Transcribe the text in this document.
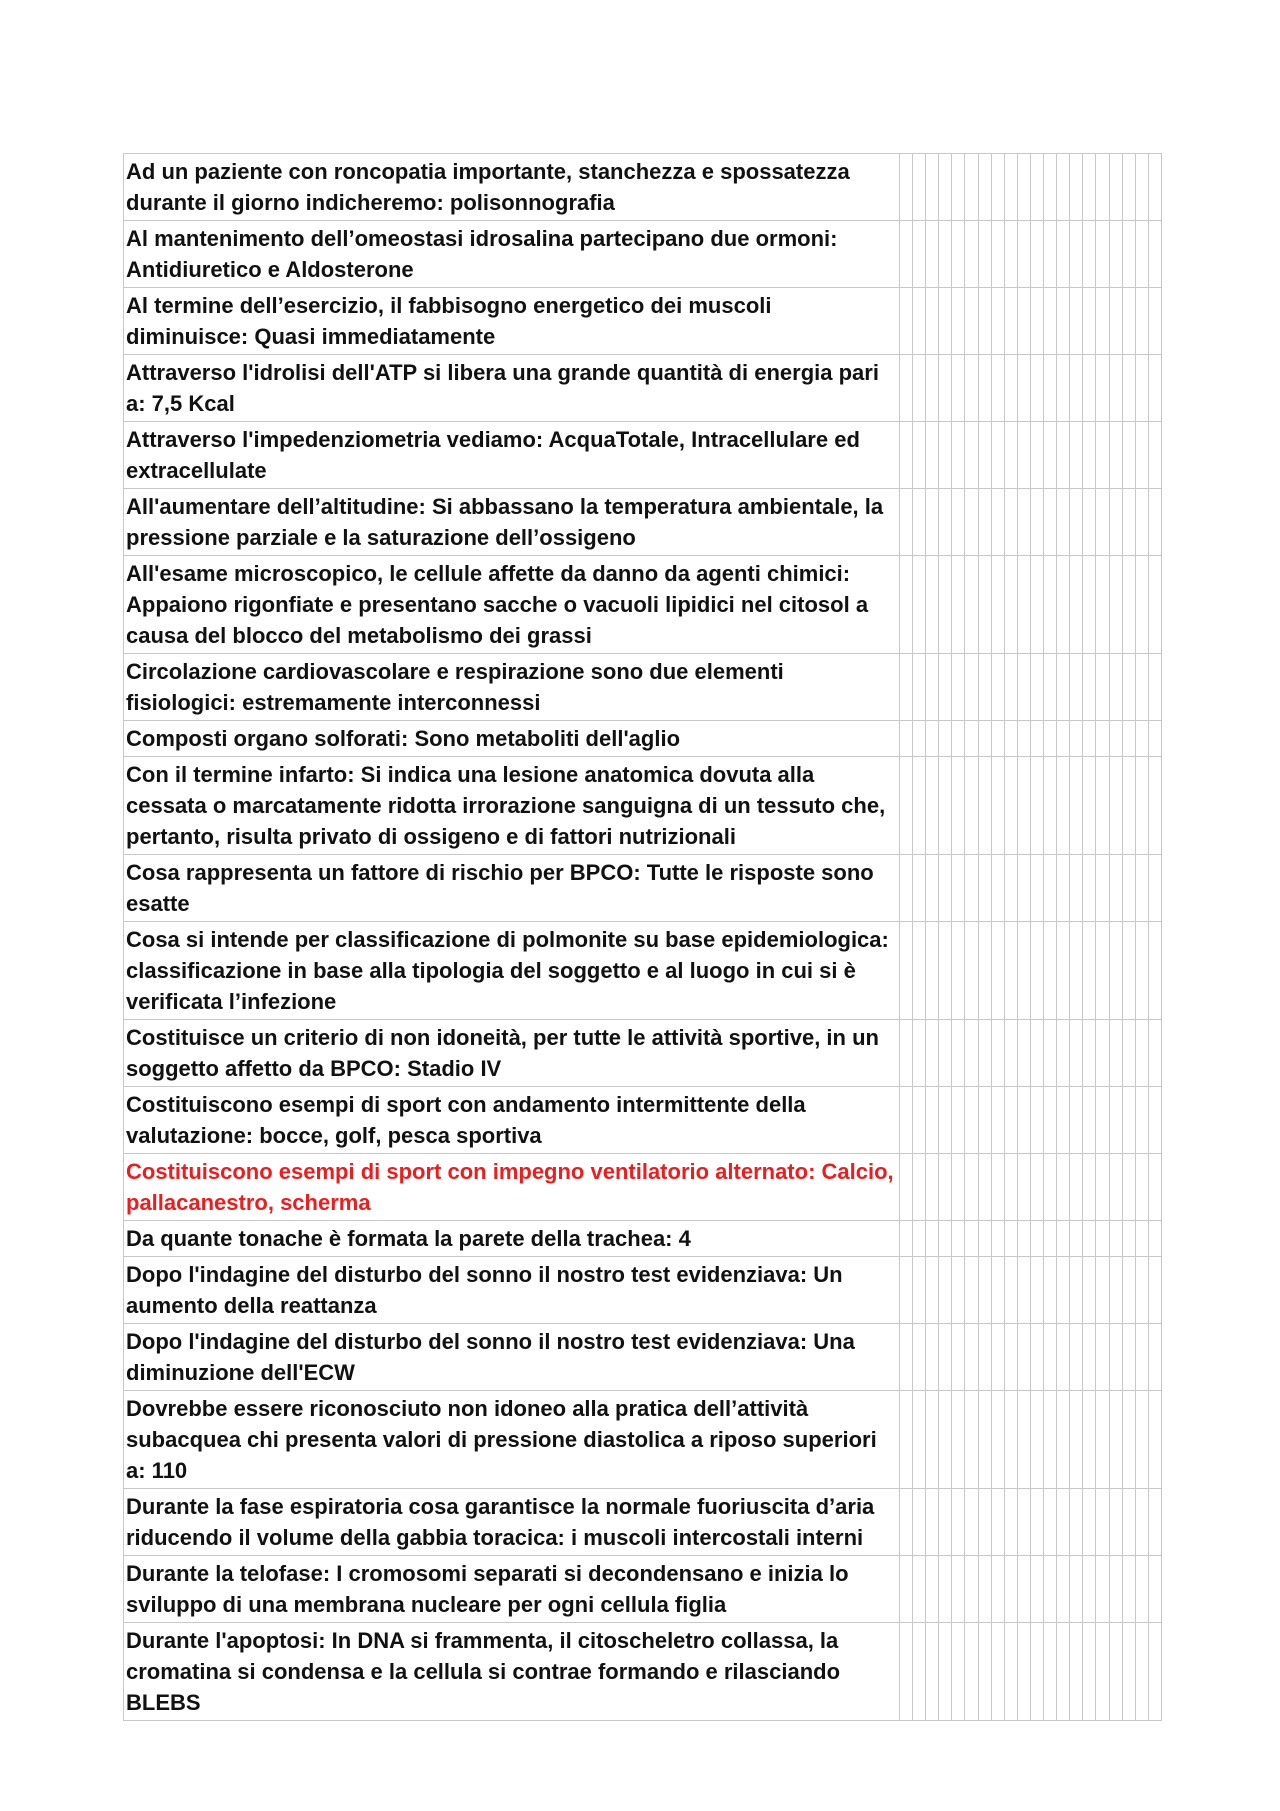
Ad un paziente con roncopatia importante, stanchezza e spossatezza durante il giorno indicheremo: polisonnografia
Al mantenimento dell’omeostasi idrosalina partecipano due ormoni: Antidiuretico e Aldosterone
Al termine dell’esercizio, il fabbisogno energetico dei muscoli diminuisce: Quasi immediatamente
Attraverso l'idrolisi dell'ATP si libera una grande quantità di energia pari a: 7,5 Kcal
Attraverso l'impedenziometria vediamo: AcquaTotale, Intracellulare ed extracellulate
All'aumentare dell’altitudine: Si abbassano la temperatura ambientale, la pressione parziale e la saturazione dell’ossigeno
All'esame microscopico, le cellule affette da danno da agenti chimici: Appaiono rigonfiate e presentano sacche o vacuoli lipidici nel citosol a causa del blocco del metabolismo dei grassi
Circolazione cardiovascolare e respirazione sono due elementi fisiologici: estremamente interconnessi
Composti organo solforati: Sono metaboliti dell'aglio
Con il termine infarto: Si indica una lesione anatomica dovuta alla cessata o marcatamente ridotta irrorazione sanguigna di un tessuto che, pertanto, risulta privato di ossigeno e di fattori nutrizionali
Cosa rappresenta un fattore di rischio per BPCO: Tutte le risposte sono esatte
Cosa si intende per classificazione di polmonite su base epidemiologica: classificazione in base alla tipologia del soggetto e al luogo in cui si è verificata l’infezione
Costituisce un criterio di non idoneità, per tutte le attività sportive, in un soggetto affetto da BPCO: Stadio IV
Costituiscono esempi di sport con andamento intermittente della valutazione: bocce, golf, pesca sportiva
Costituiscono esempi di sport con impegno ventilatorio alternato: Calcio, pallacanestro, scherma
Da quante tonache è formata la parete della trachea: 4
Dopo l'indagine del disturbo del sonno il nostro test evidenziava: Un aumento della reattanza
Dopo l'indagine del disturbo del sonno il nostro test evidenziava: Una diminuzione dell'ECW
Dovrebbe essere riconosciuto non idoneo alla pratica dell’attività subacquea chi presenta valori di pressione diastolica a riposo superiori a: 110
Durante la fase espiratoria cosa garantisce la normale fuoriuscita d’aria riducendo il volume della gabbia toracica: i muscoli intercostali interni
Durante la telofase: I cromosomi separati si decondensano e inizia lo sviluppo di una membrana nucleare per ogni cellula figlia
Durante l'apoptosi: In DNA si frammenta, il citoscheletro collassa, la cromatina si condensa e la cellula si contrae formando e rilasciando BLEBS
